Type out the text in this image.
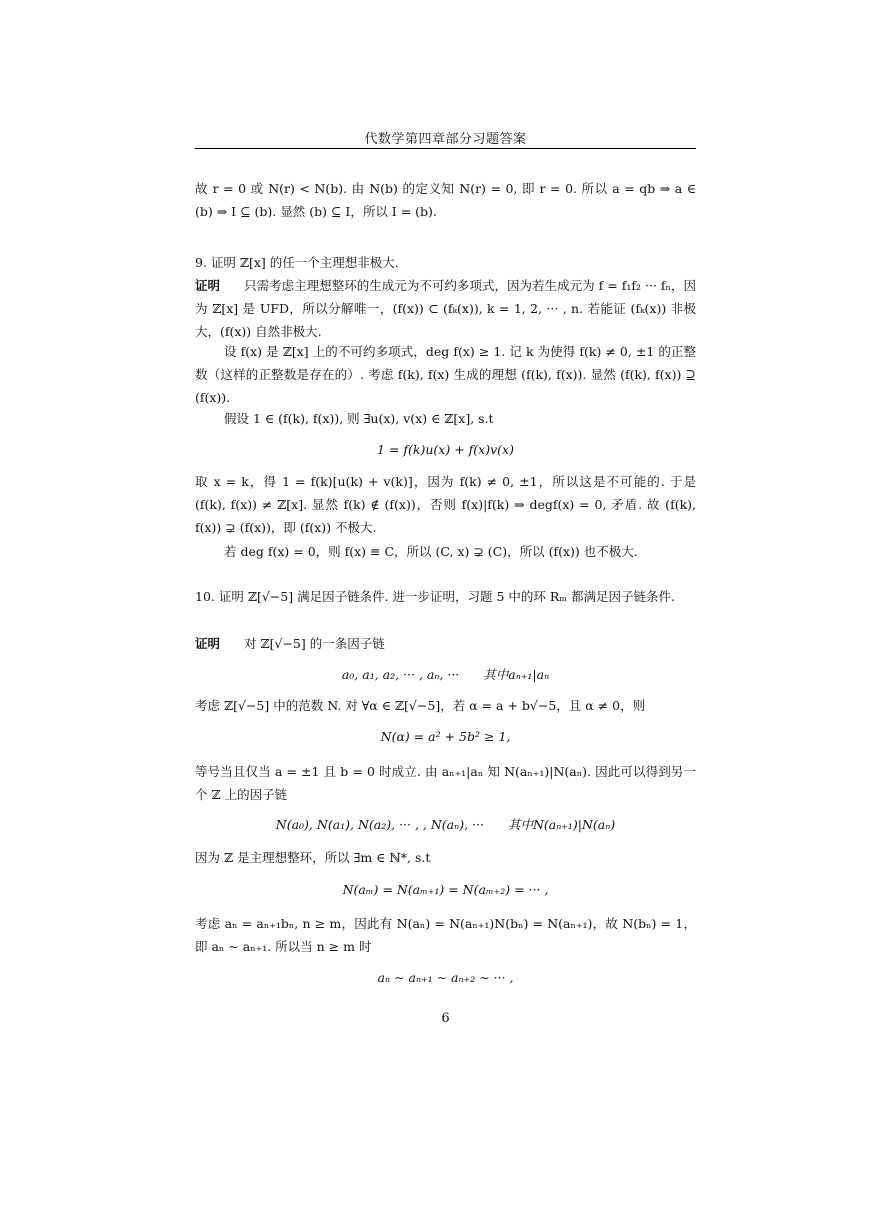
代数学第四章部分习题答案
故 r = 0 或 N(r) < N(b). 由 N(b) 的定义知 N(r) = 0, 即 r = 0. 所以 a = qb ⇒ a ∈ (b) ⇒ I ⊆ (b). 显然 (b) ⊆ I，所以 I = (b).
9. 证明 ℤ[x] 的任一个主理想非极大.
证明 只需考虑主理想整环的生成元为不可约多项式，因为若生成元为 f = f₁f₂ ··· fₙ，因为 ℤ[x] 是 UFD，所以分解唯一，(f(x)) ⊂ (fₖ(x)), k = 1, 2, ··· , n. 若能证 (fₖ(x)) 非极大，(f(x)) 自然非极大.
设 f(x) 是 ℤ[x] 上的不可约多项式，deg f(x) ≥ 1. 记 k 为使得 f(k) ≠ 0, ±1 的正整数（这样的正整数是存在的）. 考虑 f(k), f(x) 生成的理想 (f(k), f(x)). 显然 (f(k), f(x)) ⊇ (f(x)).
假设 1 ∈ (f(k), f(x)), 则 ∃u(x), v(x) ∈ ℤ[x], s.t
1 = f(k)u(x) + f(x)v(x)
取 x = k，得 1 = f(k)[u(k) + v(k)]，因为 f(k) ≠ 0, ±1，所以这是不可能的. 于是 (f(k), f(x)) ≠ ℤ[x]. 显然 f(k) ∉ (f(x))，否则 f(x)|f(k) ⇒ degf(x) = 0, 矛盾. 故 (f(k), f(x)) ⊋ (f(x))，即 (f(x)) 不极大.
若 deg f(x) = 0，则 f(x) ≡ C，所以 (C, x) ⊋ (C)，所以 (f(x)) 也不极大.
10. 证明 ℤ[√−5] 满足因子链条件. 进一步证明，习题 5 中的环 Rₘ 都满足因子链条件.
证明 对 ℤ[√−5] 的一条因子链
a₀, a₁, a₂, ··· , aₙ, ··· 其中aₙ₊₁|aₙ
考虑 ℤ[√−5] 中的范数 N. 对 ∀α ∈ ℤ[√−5]，若 α = a + b√−5，且 α ≠ 0，则
N(α) = a² + 5b² ≥ 1,
等号当且仅当 a = ±1 且 b = 0 时成立. 由 aₙ₊₁|aₙ 知 N(aₙ₊₁)|N(aₙ). 因此可以得到另一个 ℤ 上的因子链
N(a₀), N(a₁), N(a₂), ··· , , N(aₙ), ··· 其中N(aₙ₊₁)|N(aₙ)
因为 ℤ 是主理想整环，所以 ∃m ∈ ℕ*, s.t
N(aₘ) = N(aₘ₊₁) = N(aₘ₊₂) = ··· ,
考虑 aₙ = aₙ₊₁bₙ, n ≥ m，因此有 N(aₙ) = N(aₙ₊₁)N(bₙ) = N(aₙ₊₁)，故 N(bₙ) = 1，即 aₙ ∼ aₙ₊₁. 所以当 n ≥ m 时
aₙ ∼ aₙ₊₁ ∼ aₙ₊₂ ∼ ··· ,
6
